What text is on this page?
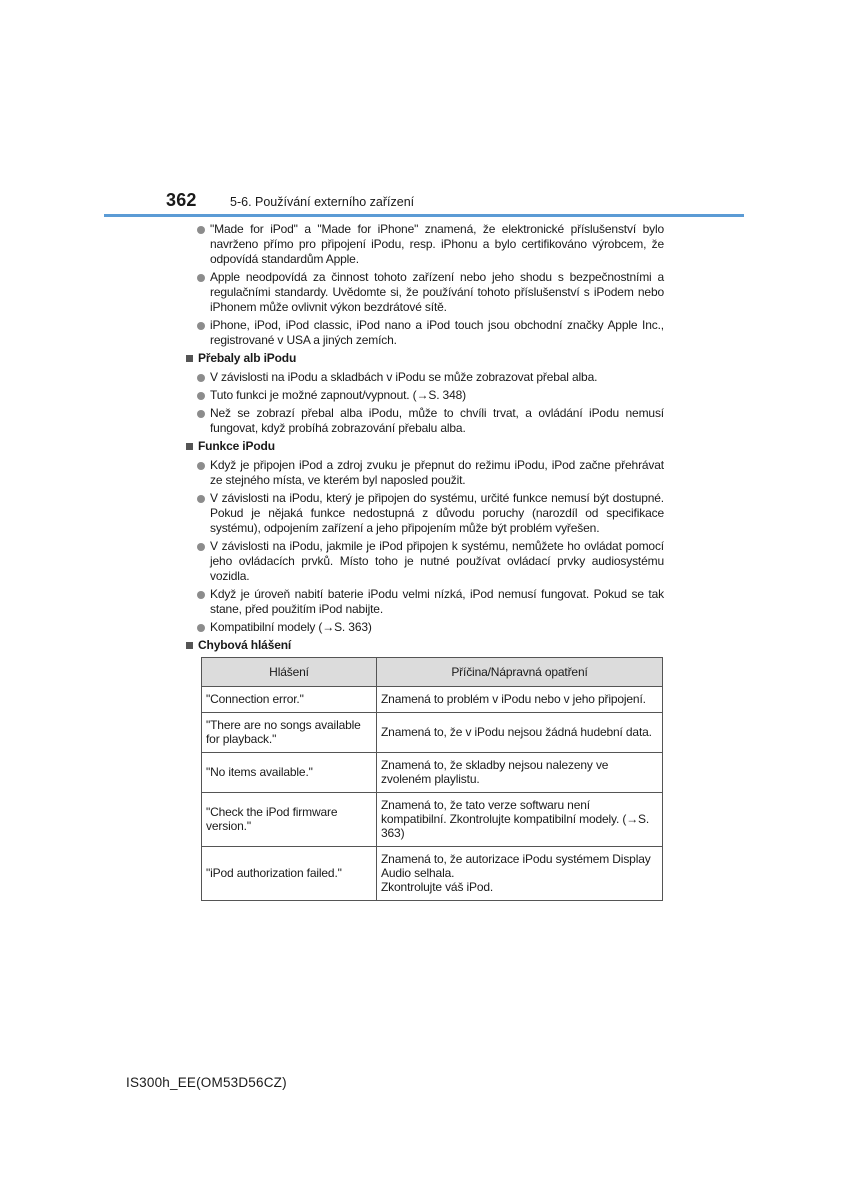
362	5-6. Používání externího zařízení
"Made for iPod" a "Made for iPhone" znamená, že elektronické příslušenství bylo navrženo přímo pro připojení iPodu, resp. iPhonu a bylo certifikováno výrobcem, že odpovídá standardům Apple.
Apple neodpovídá za činnost tohoto zařízení nebo jeho shodu s bezpečnostními a regulačními standardy. Uvědomte si, že používání tohoto příslušenství s iPodem nebo iPhonem může ovlivnit výkon bezdrátové sítě.
iPhone, iPod, iPod classic, iPod nano a iPod touch jsou obchodní značky Apple Inc., registrované v USA a jiných zemích.
Přebaly alb iPodu
V závislosti na iPodu a skladbách v iPodu se může zobrazovat přebal alba.
Tuto funkci je možné zapnout/vypnout. (→S. 348)
Než se zobrazí přebal alba iPodu, může to chvíli trvat, a ovládání iPodu nemusí fungovat, když probíhá zobrazování přebalu alba.
Funkce iPodu
Když je připojen iPod a zdroj zvuku je přepnut do režimu iPodu, iPod začne přehrávat ze stejného místa, ve kterém byl naposled použit.
V závislosti na iPodu, který je připojen do systému, určité funkce nemusí být dostupné. Pokud je nějaká funkce nedostupná z důvodu poruchy (narozdíl od specifikace systému), odpojením zařízení a jeho připojením může být problém vyřešen.
V závislosti na iPodu, jakmile je iPod připojen k systému, nemůžete ho ovládat pomocí jeho ovládacích prvků. Místo toho je nutné používat ovládací prvky audiosystému vozidla.
Když je úroveň nabití baterie iPodu velmi nízká, iPod nemusí fungovat. Pokud se tak stane, před použitím iPod nabijte.
Kompatibilní modely (→S. 363)
Chybová hlášení
Hlášení	Příčina/Nápravná opatření
"Connection error."	Znamená to problém v iPodu nebo v jeho připojení.
"There are no songs available for playback."	Znamená to, že v iPodu nejsou žádná hudební data.
"No items available."	Znamená to, že skladby nejsou nalezeny ve zvoleném playlistu.
"Check the iPod firmware version."	Znamená to, že tato verze softwaru není kompatibilní. Zkontrolujte kompatibilní modely. (→S. 363)
"iPod authorization failed."	Znamená to, že autorizace iPodu systémem Display Audio selhala.
Zkontrolujte váš iPod.
IS300h_EE(OM53D56CZ)
